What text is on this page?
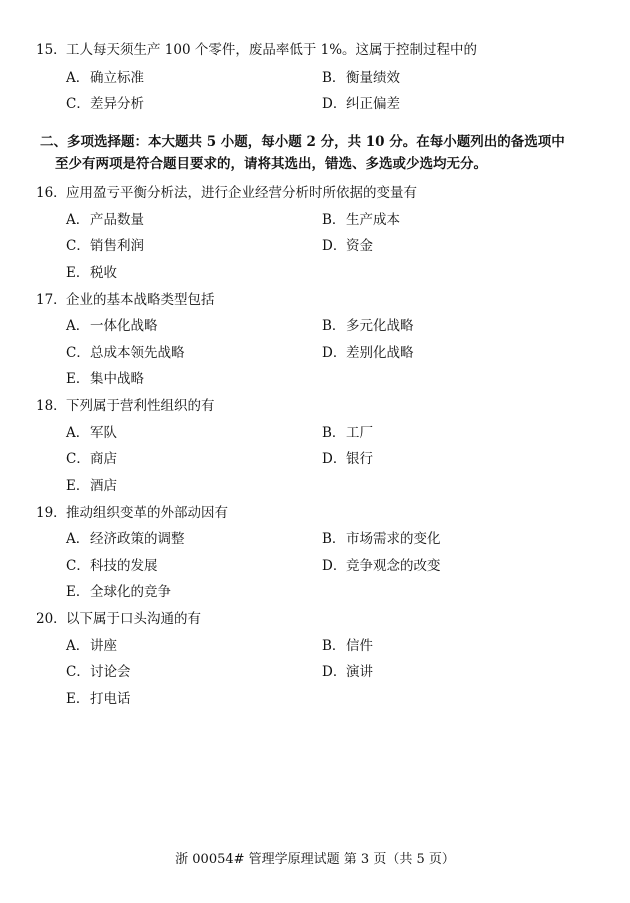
15．工人每天须生产 100 个零件，废品率低于 1%。这属于控制过程中的
A．确立标准	B．衡量绩效
C．差异分析	D．纠正偏差
二、多项选择题：本大题共 5 小题，每小题 2 分，共 10 分。在每小题列出的备选项中
至少有两项是符合题目要求的，请将其选出，错选、多选或少选均无分。
16．应用盈亏平衡分析法，进行企业经营分析时所依据的变量有
A．产品数量	B．生产成本
C．销售利润	D．资金
E．税收
17．企业的基本战略类型包括
A．一体化战略	B．多元化战略
C．总成本领先战略	D．差别化战略
E．集中战略
18．下列属于营利性组织的有
A．军队	B．工厂
C．商店	D．银行
E．酒店
19．推动组织变革的外部动因有
A．经济政策的调整	B．市场需求的变化
C．科技的发展	D．竞争观念的改变
E．全球化的竞争
20．以下属于口头沟通的有
A．讲座	B．信件
C．讨论会	D．演讲
E．打电话
浙 00054# 管理学原理试题 第 3 页（共 5 页）
